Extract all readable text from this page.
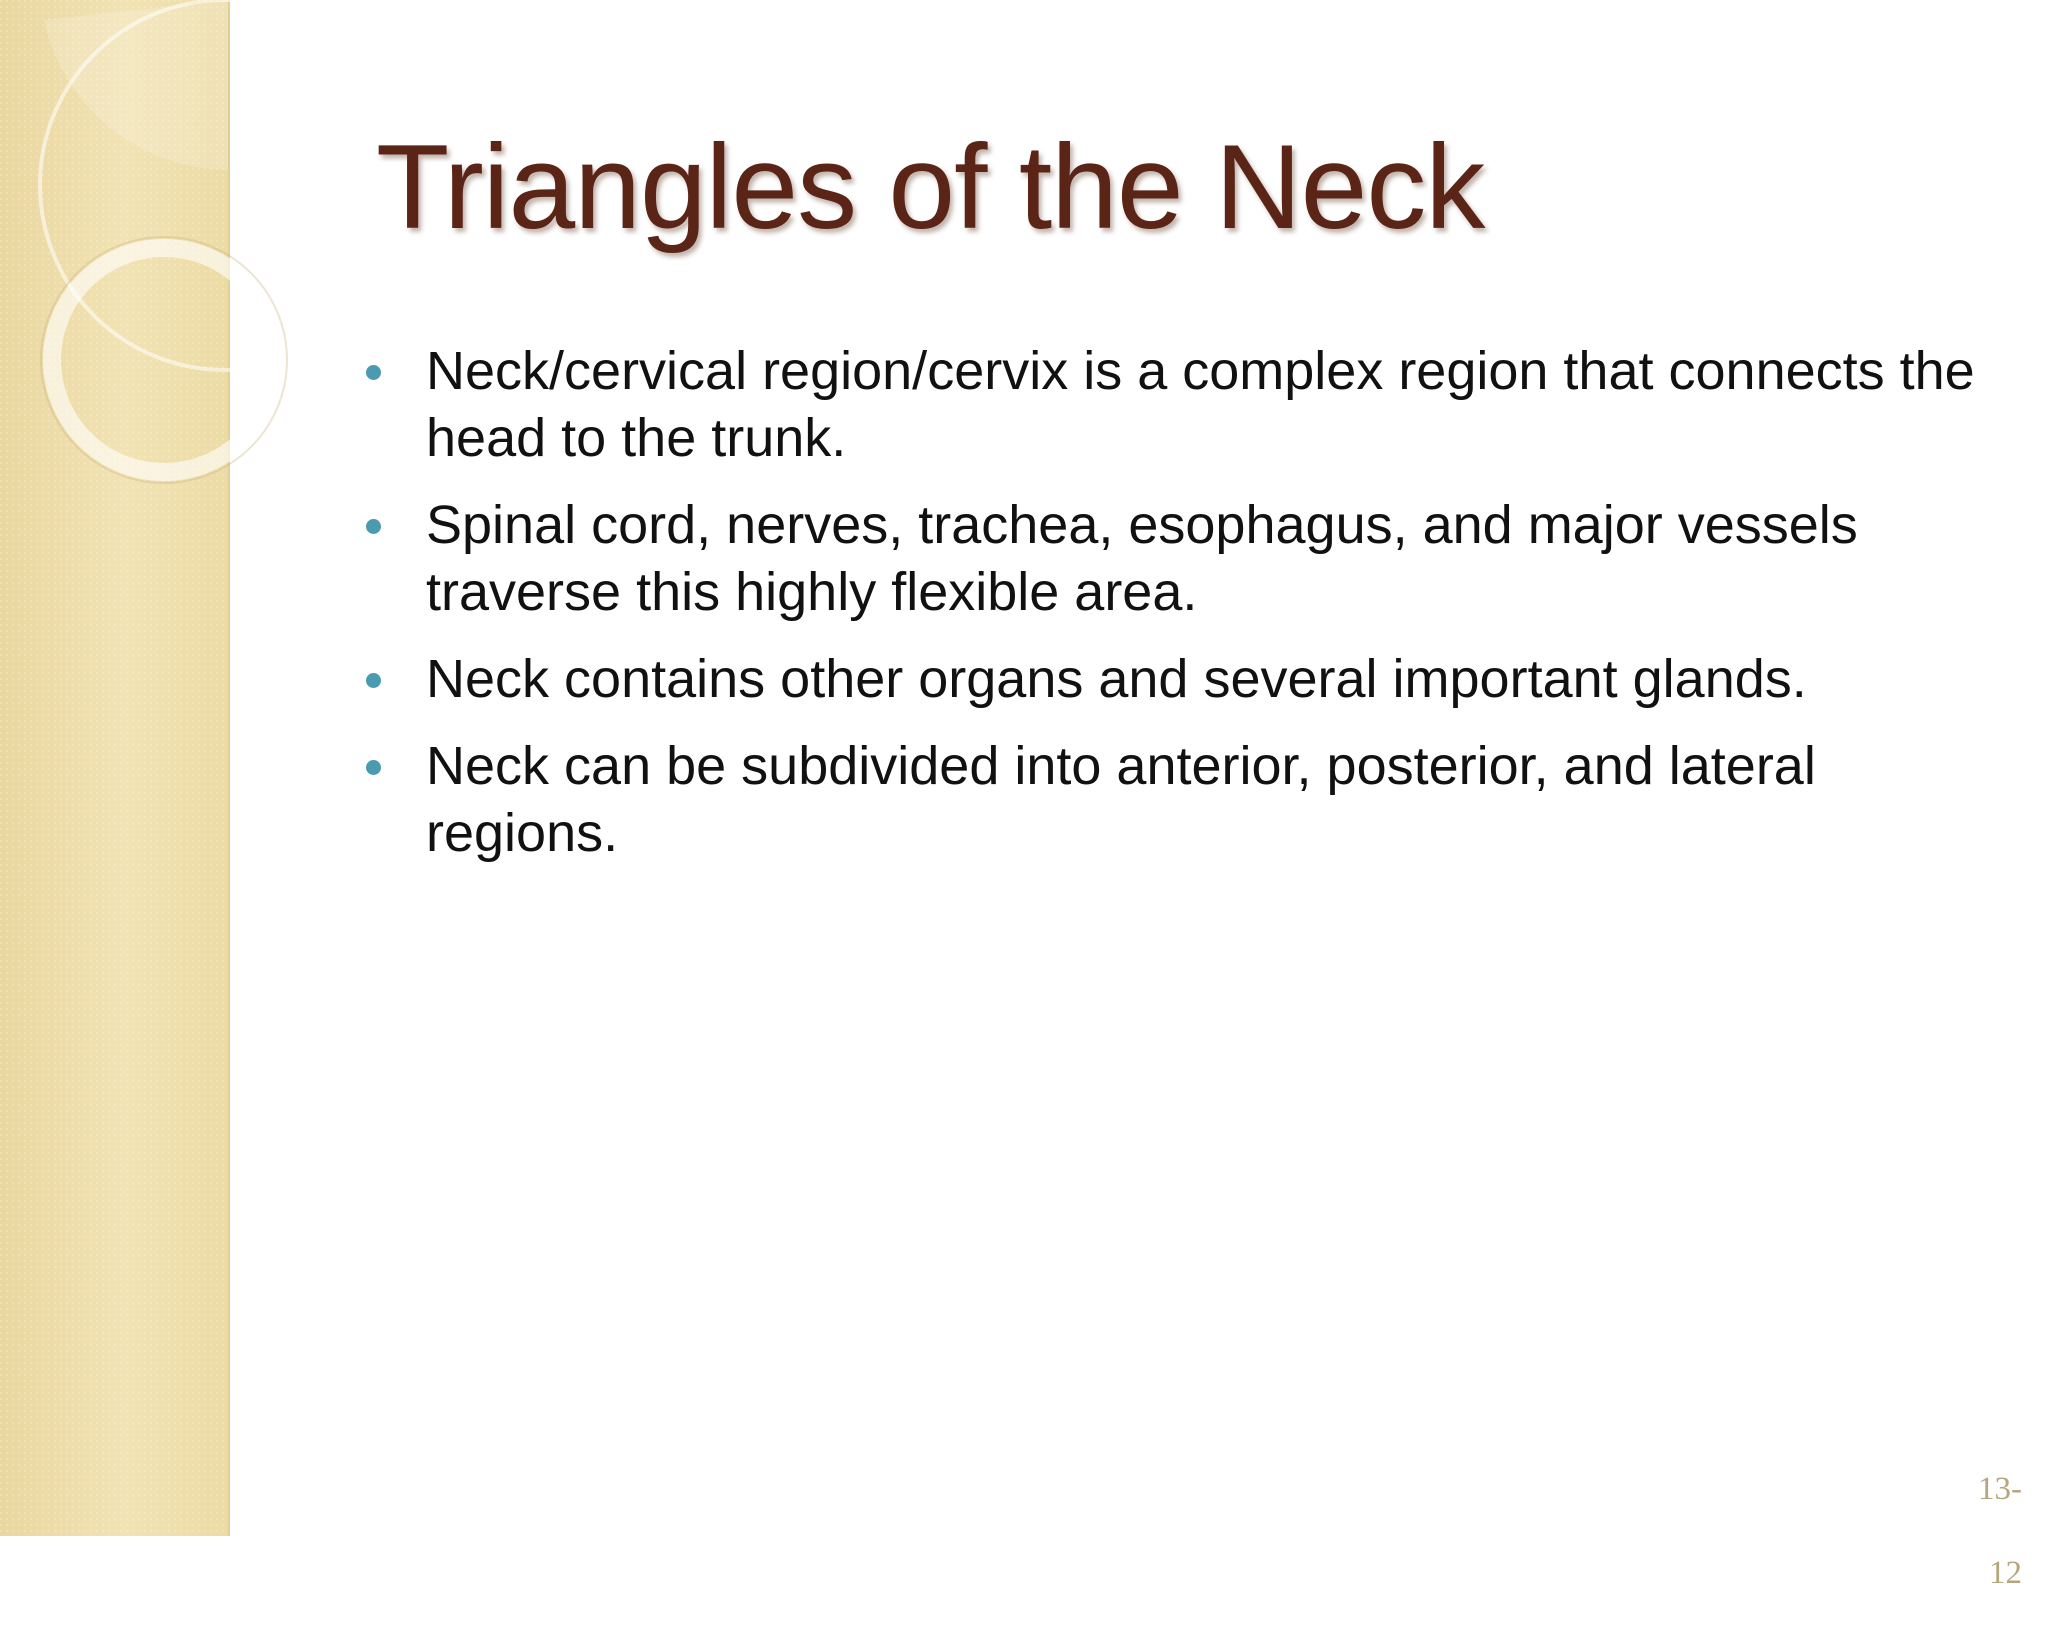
Triangles of the Neck
Neck/cervical region/cervix is a complex region that connects the head to the trunk.
Spinal cord, nerves, trachea, esophagus, and major vessels traverse this highly flexible area.
Neck contains other organs and several important glands.
Neck can be subdivided into anterior, posterior, and lateral regions.

13-

12
